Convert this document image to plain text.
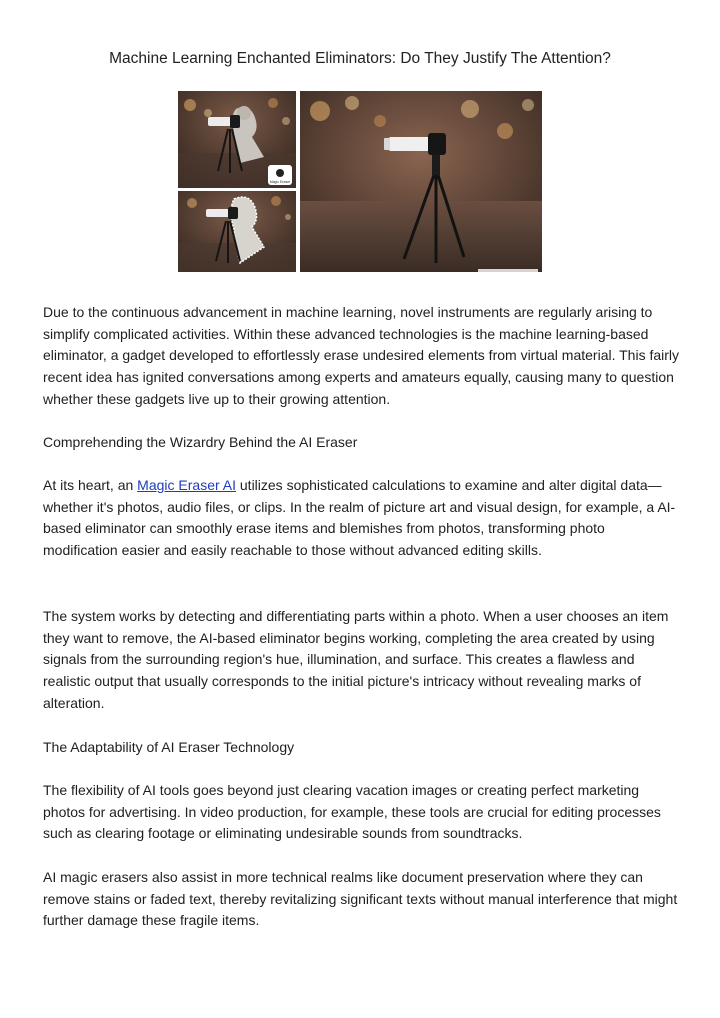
Machine Learning Enchanted Eliminators: Do They Justify The Attention?
Magic Eraser
Due to the continuous advancement in machine learning, novel instruments are regularly arising to simplify complicated activities. Within these advanced technologies is the machine learning-based eliminator, a gadget developed to effortlessly erase undesired elements from virtual material. This fairly recent idea has ignited conversations among experts and amateurs equally, causing many to question whether these gadgets live up to their growing attention.
Comprehending the Wizardry Behind the AI Eraser
At its heart, an Magic Eraser AI utilizes sophisticated calculations to examine and alter digital data—whether it's photos, audio files, or clips. In the realm of picture art and visual design, for example, a AI-based eliminator can smoothly erase items and blemishes from photos, transforming photo modification easier and easily reachable to those without advanced editing skills.
The system works by detecting and differentiating parts within a photo. When a user chooses an item they want to remove, the AI-based eliminator begins working, completing the area created by using signals from the surrounding region's hue, illumination, and surface. This creates a flawless and realistic output that usually corresponds to the initial picture's intricacy without revealing marks of alteration.
The Adaptability of AI Eraser Technology
The flexibility of AI tools goes beyond just clearing vacation images or creating perfect marketing photos for advertising. In video production, for example, these tools are crucial for editing processes such as clearing footage or eliminating undesirable sounds from soundtracks.
AI magic erasers also assist in more technical realms like document preservation where they can remove stains or faded text, thereby revitalizing significant texts without manual interference that might further damage these fragile items.
